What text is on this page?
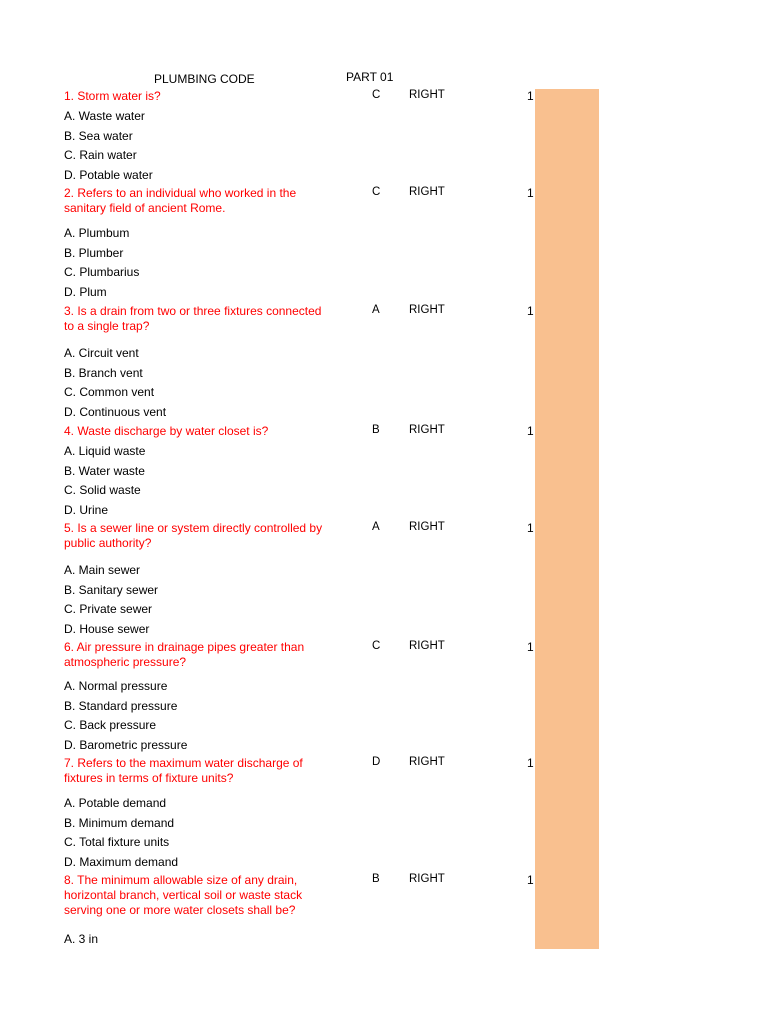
PLUMBING CODE	PART 01
1. Storm water is?	C RIGHT	1
A. Waste water
B. Sea water
C. Rain water
D. Potable water
2. Refers to an individual who worked in the
sanitary field of ancient Rome.
C RIGHT	1
A. Plumbum
B. Plumber
C. Plumbarius
D. Plum
3. Is a drain from two or three fixtures connected
to a single trap?
A	RIGHT	1
A. Circuit vent
B. Branch vent
C. Common vent
D. Continuous vent
4. Waste discharge by water closet is?	B	RIGHT	1
A. Liquid waste
B. Water waste
C. Solid waste
D. Urine
5. Is a sewer line or system directly controlled by
public authority?
A	RIGHT	1
A. Main sewer
B. Sanitary sewer
C. Private sewer
D. House sewer
6. Air pressure in drainage pipes greater than
atmospheric pressure?
C RIGHT	1
A. Normal pressure
B. Standard pressure
C. Back pressure
D. Barometric pressure
7. Refers to the maximum water discharge of
fixtures in terms of fixture units?
D RIGHT	1
A. Potable demand
B. Minimum demand
C. Total fixture units
D. Maximum demand
8. The minimum allowable size of any drain,
horizontal branch, vertical soil or waste stack
serving one or more water closets shall be?
B	RIGHT	1
A. 3 in
